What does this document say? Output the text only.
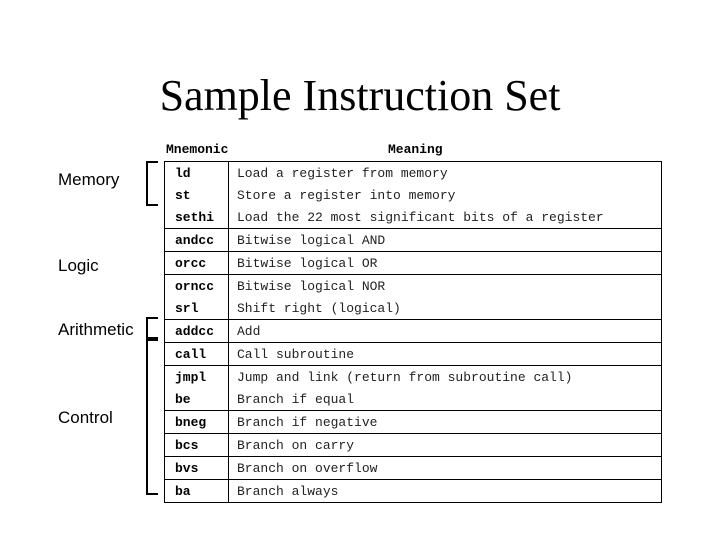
Sample Instruction Set
Memory
Logic
Arithmetic
Control
Mnemonic	Meaning
ld	Load a register from memory
st	Store a register into memory
sethi	Load the 22 most significant bits of a register
andcc	Bitwise logical AND
orcc	Bitwise logical OR
orncc	Bitwise logical NOR
srl	Shift right (logical)
addcc	Add
call	Call subroutine
jmpl	Jump and link (return from subroutine call)
be	Branch if equal
bneg	Branch if negative
bcs	Branch on carry
bvs	Branch on overflow
ba	Branch always
